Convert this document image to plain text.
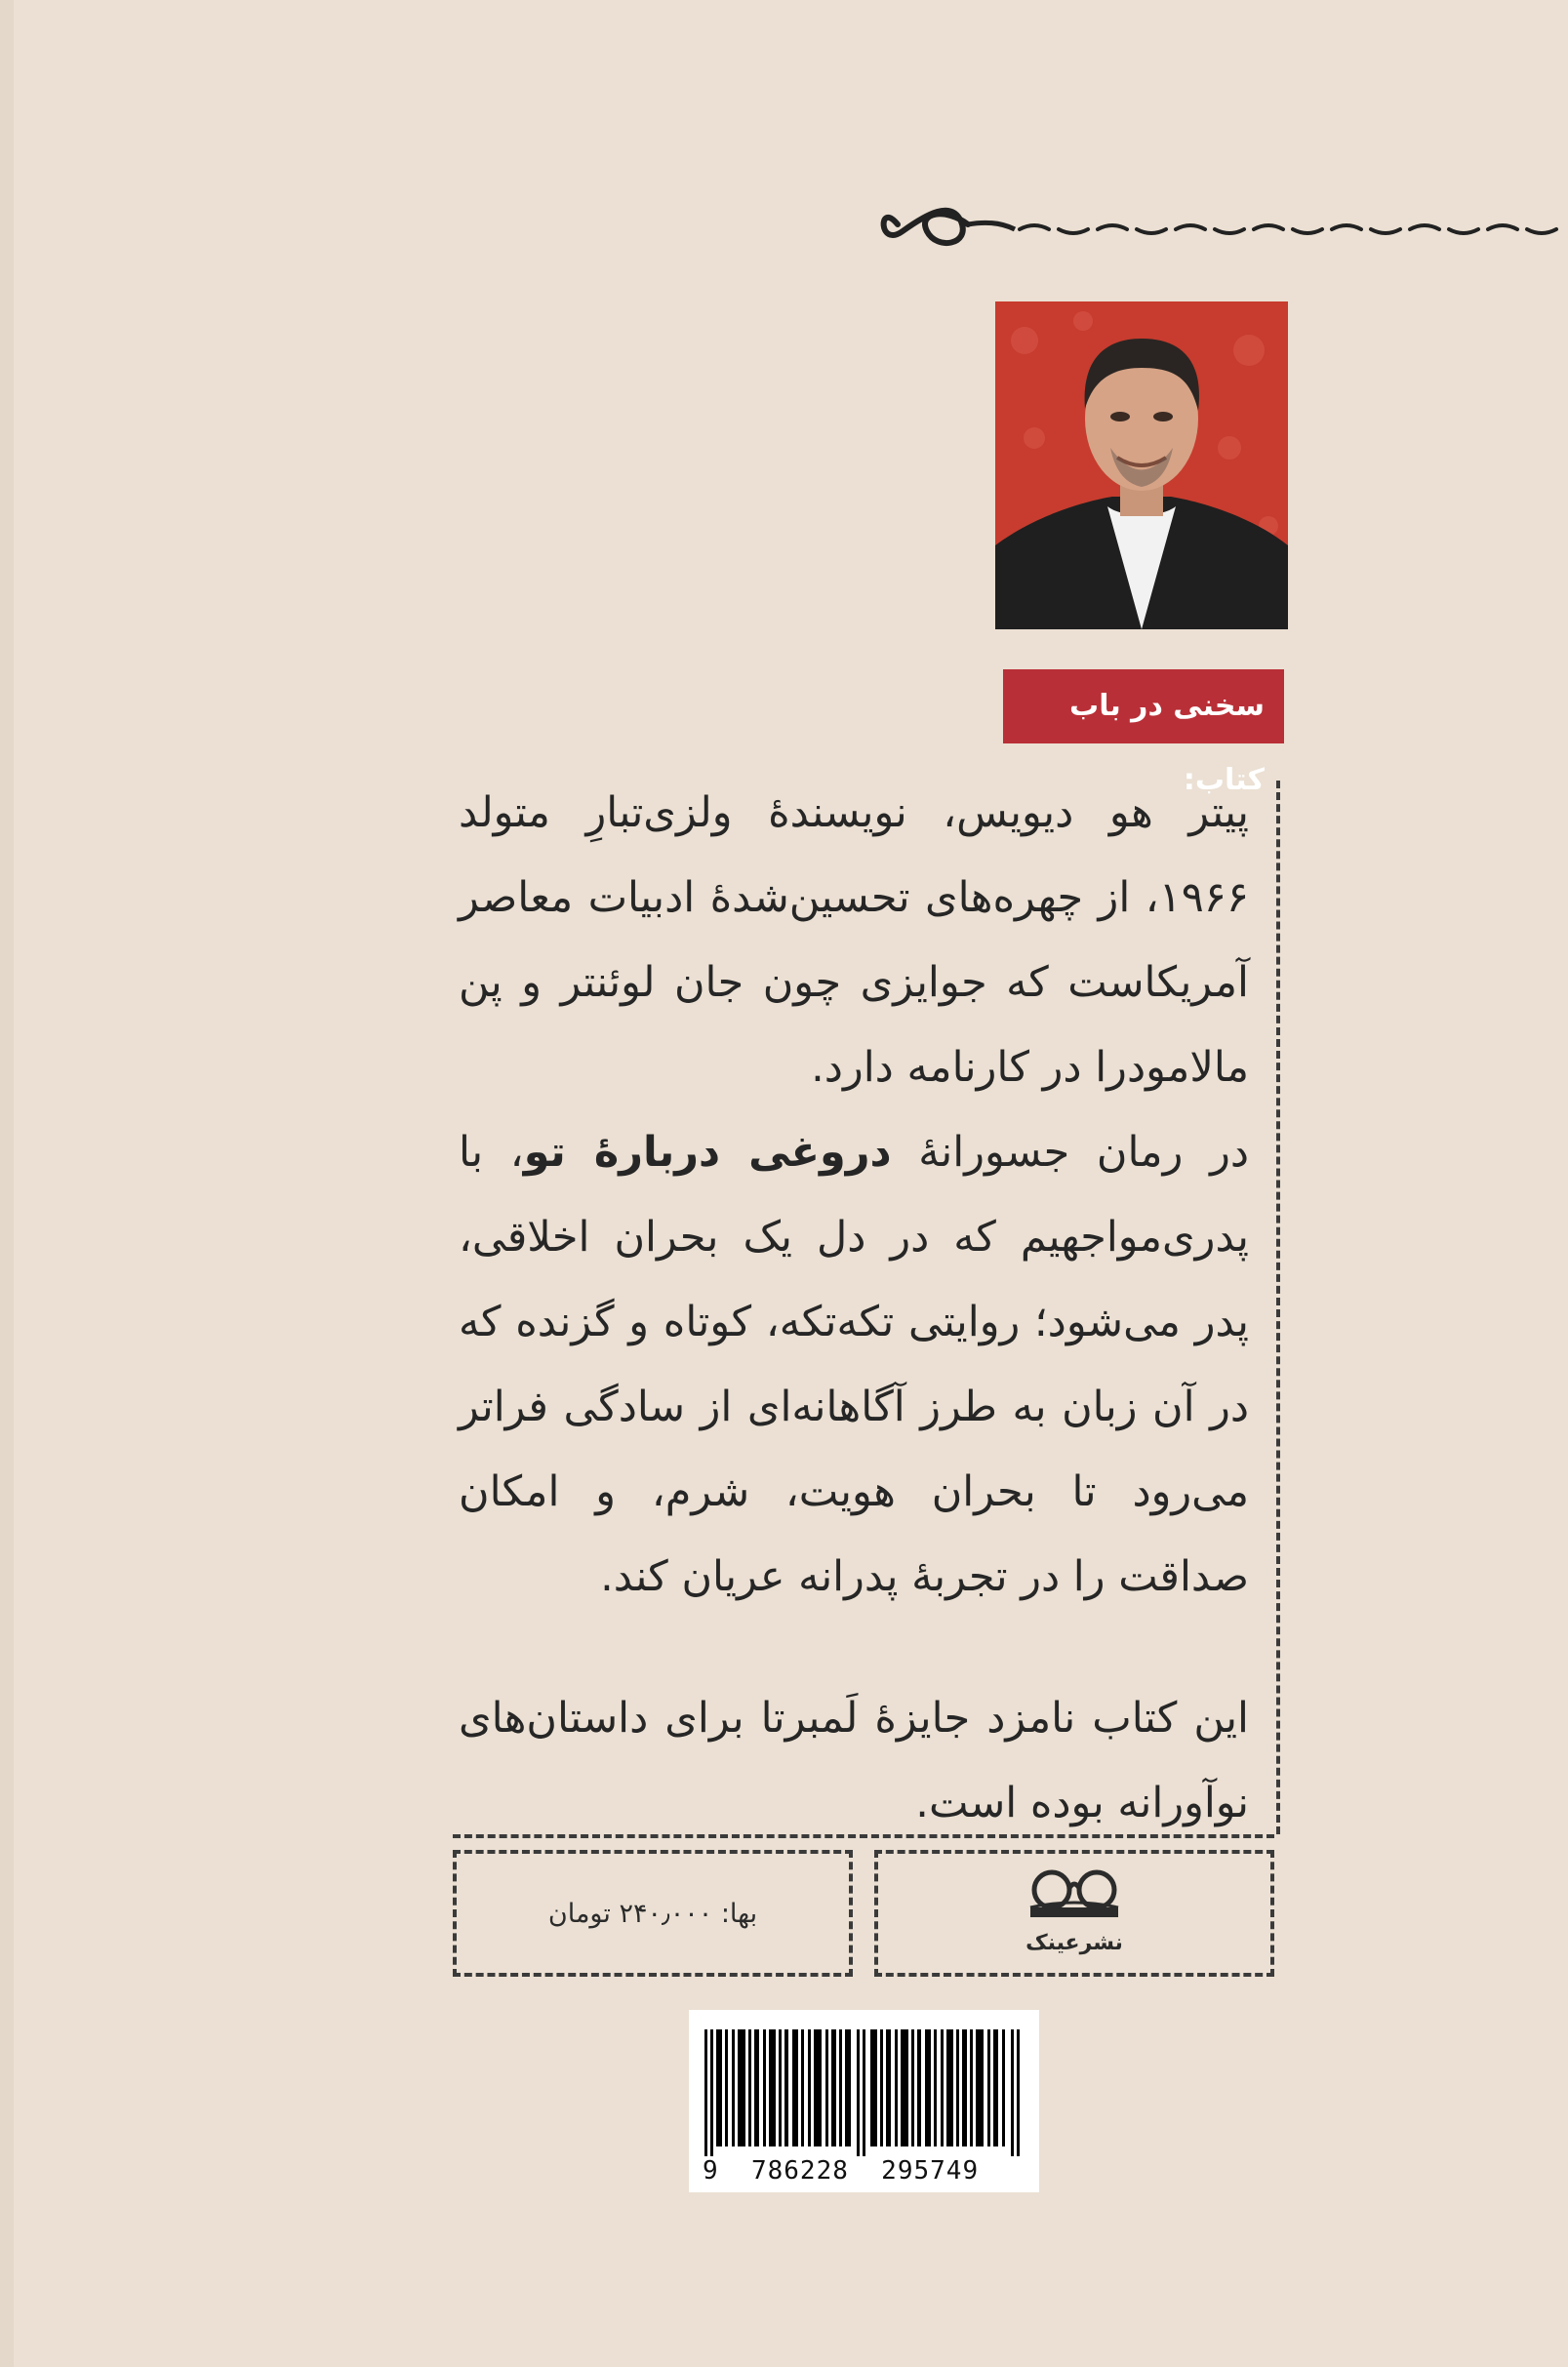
سخنی در باب کتاب:

پیتر هو دیویس، نویسندهٔ ولزی‌تبارِ متولد ۱۹۶۶، از چهره‌های تحسین‌شدهٔ ادبیات معاصر آمریکاست که جوایزی چون جان لوئنتر و پن مالامودرا در کارنامه دارد.

در رمان جسورانهٔ دروغی دربارهٔ تو، با پدری‌مواجهیم که در دل یک بحران اخلاقی، پدر می‌شود؛ روایتی تکه‌تکه، کوتاه و گزنده که در آن زبان به طرز آگاهانه‌ای از سادگی فراتر می‌رود تا بحران هویت، شرم، و امکان صداقت را در تجربهٔ پدرانه عریان کند.

این کتاب نامزد جایزهٔ لَمبرتا برای داستان‌های نوآورانه بوده است.

بها: ۲۴۰٫۰۰۰ تومان
نشرعینک
9  786228  295749
